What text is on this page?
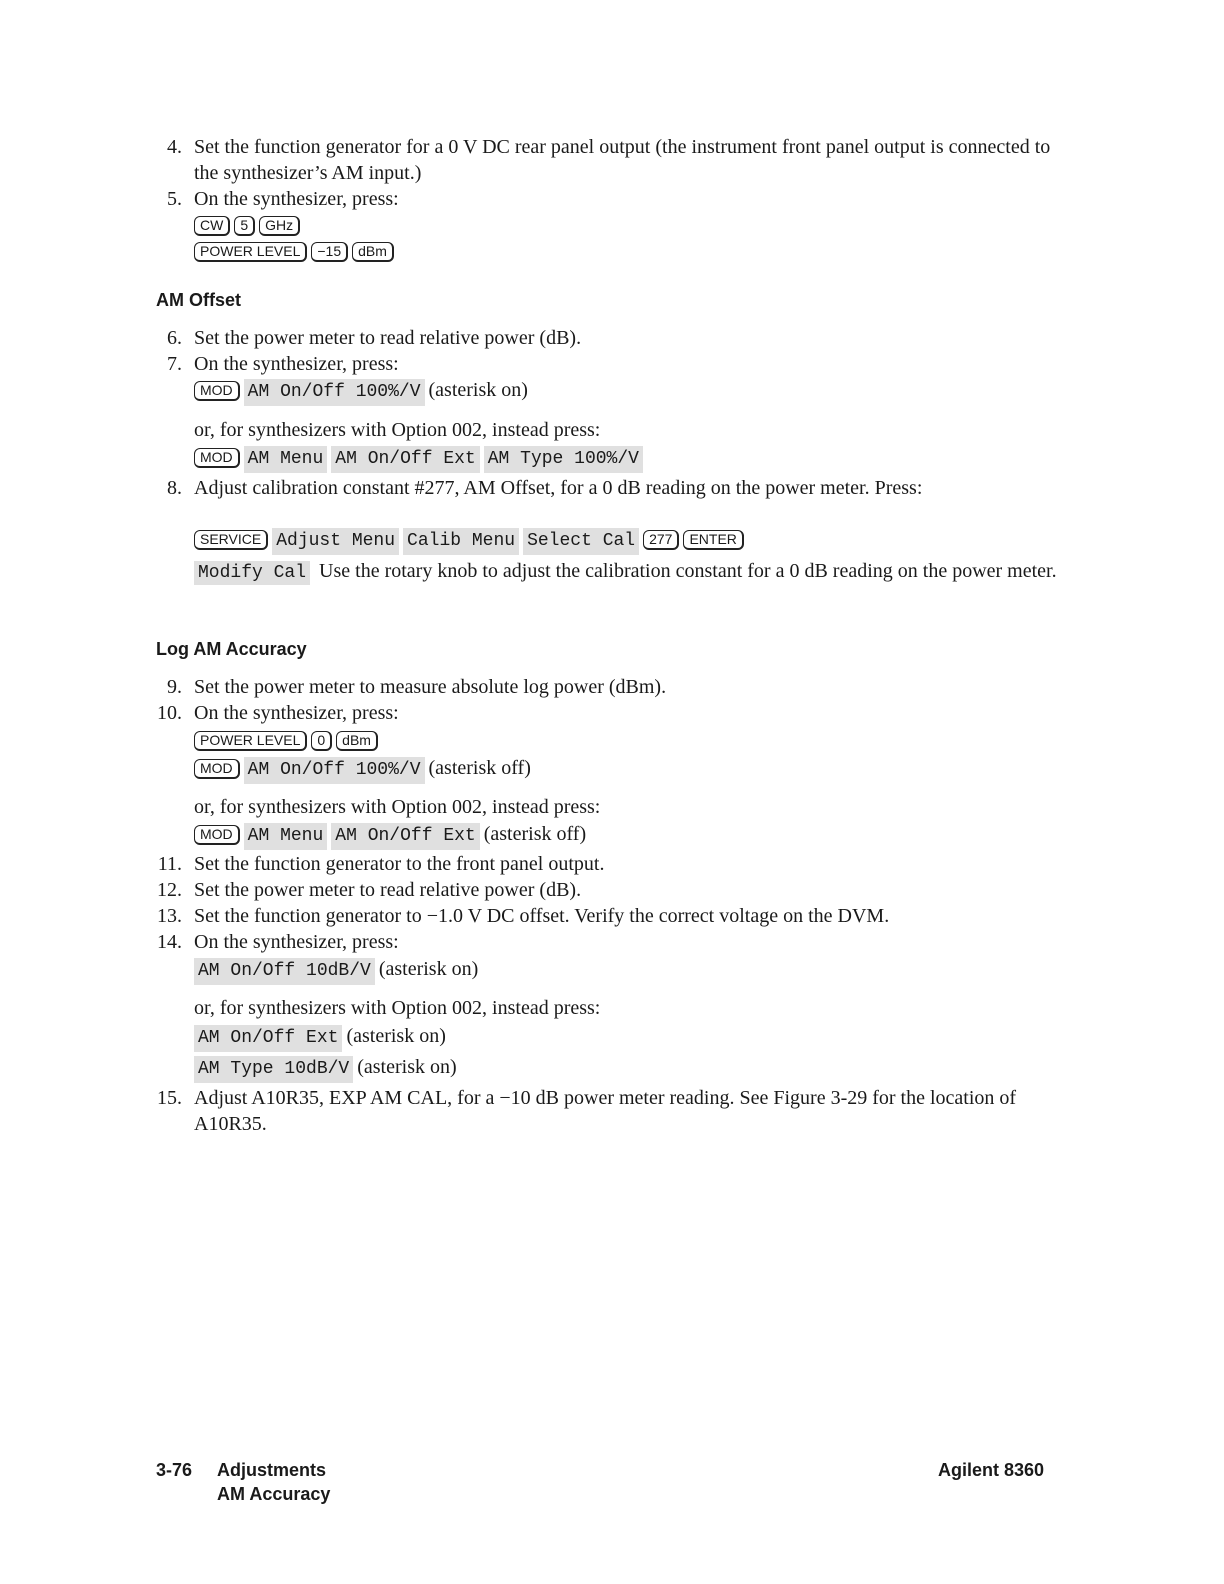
4. Set the function generator for a 0 V DC rear panel output (the instrument front panel output is connected to the synthesizer’s AM input.)
5. On the synthesizer, press:
CW 5 GHz
POWER LEVEL −15 dBm
AM Offset
6. Set the power meter to read relative power (dB).
7. On the synthesizer, press:
MOD AM On/Off 100%/V (asterisk on)
or, for synthesizers with Option 002, instead press:
MOD AM Menu AM On/Off Ext AM Type 100%/V
8. Adjust calibration constant #277, AM Offset, for a 0 dB reading on the power meter. Press:
SERVICE Adjust Menu Calib Menu Select Cal 277 ENTER
Modify Cal Use the rotary knob to adjust the calibration constant for a 0 dB reading on the power meter.
Log AM Accuracy
9. Set the power meter to measure absolute log power (dBm).
10. On the synthesizer, press:
POWER LEVEL 0 dBm
MOD AM On/Off 100%/V (asterisk off)
or, for synthesizers with Option 002, instead press:
MOD AM Menu AM On/Off Ext (asterisk off)
11. Set the function generator to the front panel output.
12. Set the power meter to read relative power (dB).
13. Set the function generator to −1.0 V DC offset. Verify the correct voltage on the DVM.
14. On the synthesizer, press:
AM On/Off 10dB/V (asterisk on)
or, for synthesizers with Option 002, instead press:
AM On/Off Ext (asterisk on)
AM Type 10dB/V (asterisk on)
15. Adjust A10R35, EXP AM CAL, for a −10 dB power meter reading. See Figure 3-29 for the location of A10R35.
3-76 Adjustments
AM Accuracy
Agilent 8360
